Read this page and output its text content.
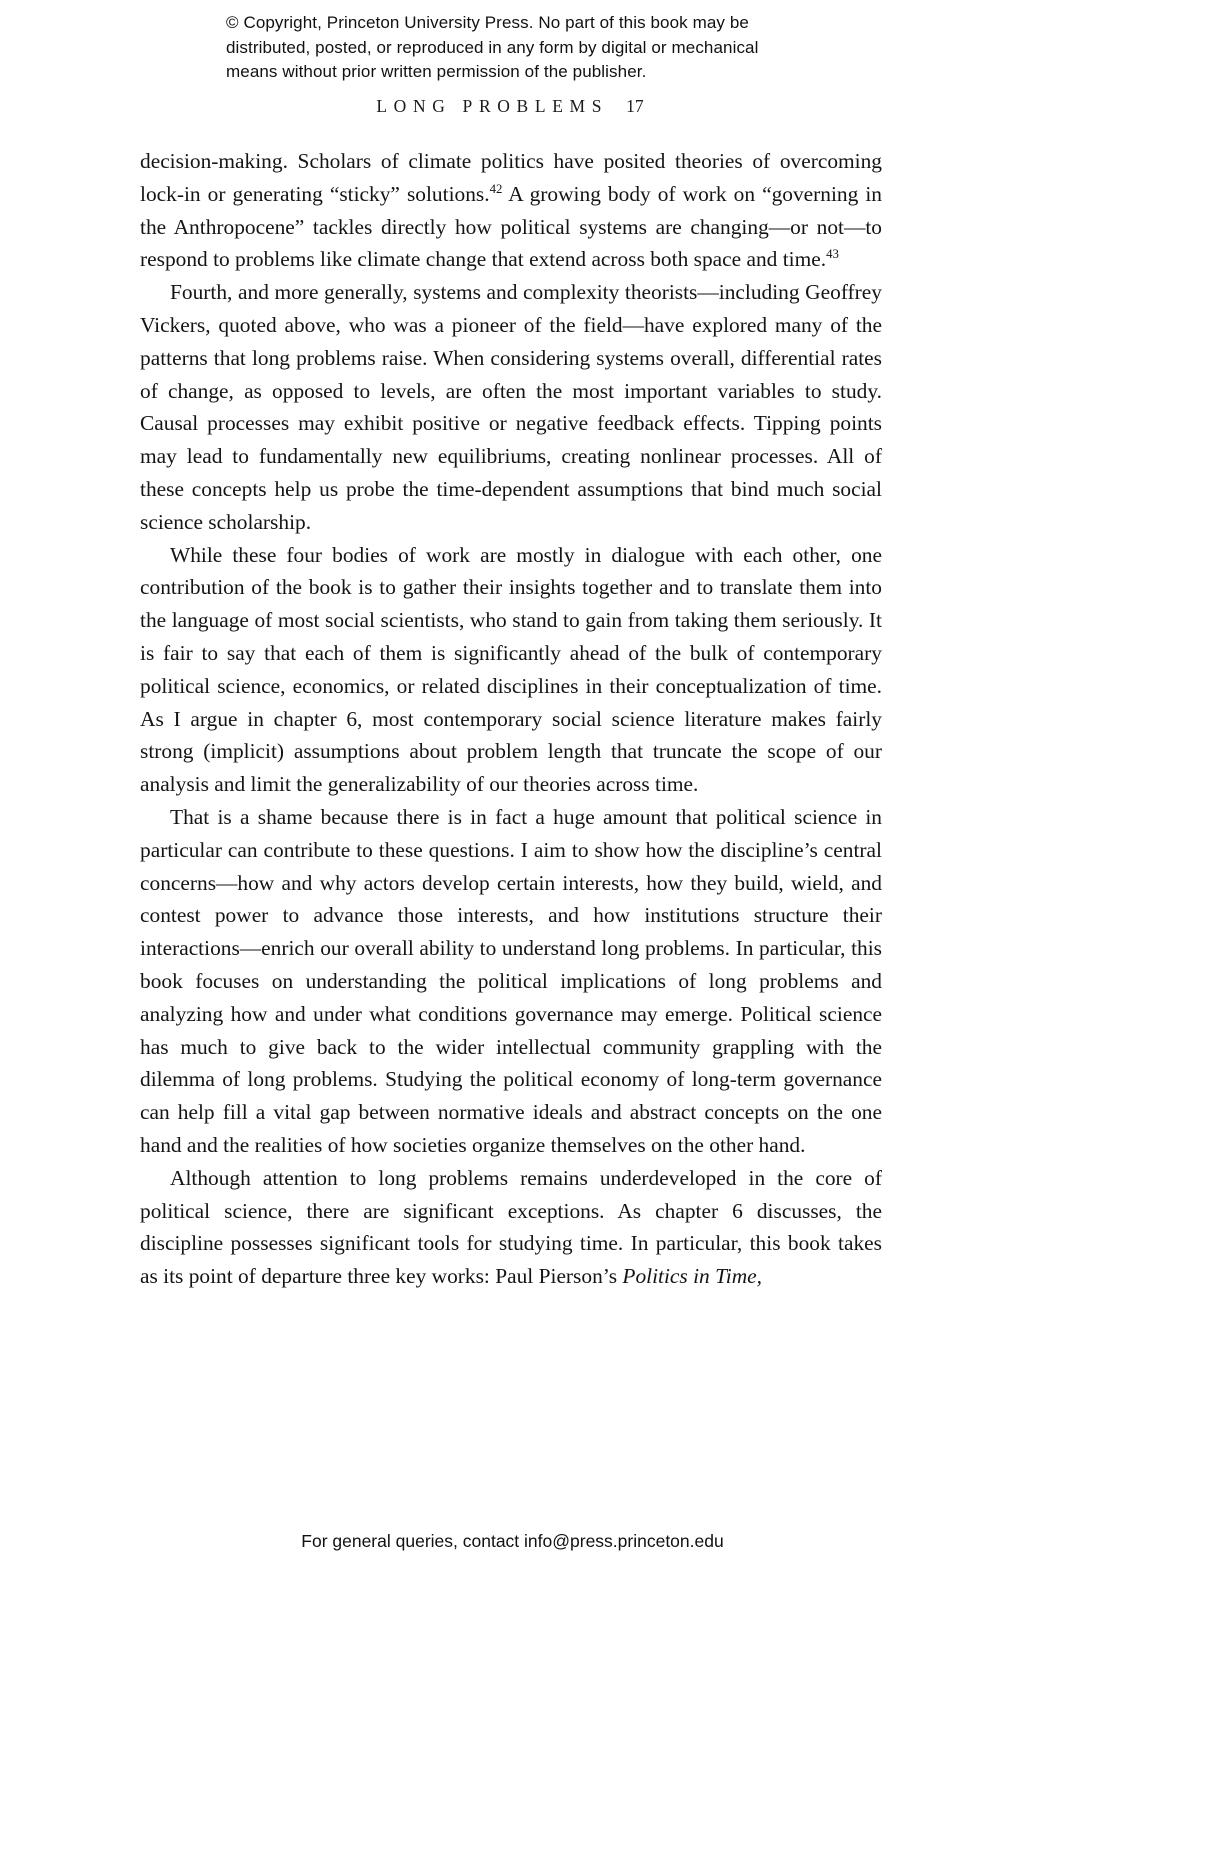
© Copyright, Princeton University Press. No part of this book may be
distributed, posted, or reproduced in any form by digital or mechanical
means without prior written permission of the publisher.
LONG PROBLEMS 17

decision-making. Scholars of climate politics have posited theories of overcoming lock-in or generating “sticky” solutions.$^{42}$ A growing body of work on “governing in the Anthropocene” tackles directly how political systems are changing—or not—to respond to problems like climate change that extend across both space and time.$^{43}$

Fourth, and more generally, systems and complexity theorists—including Geoffrey Vickers, quoted above, who was a pioneer of the field—have explored many of the patterns that long problems raise. When considering systems overall, differential rates of change, as opposed to levels, are often the most important variables to study. Causal processes may exhibit positive or negative feedback effects. Tipping points may lead to fundamentally new equilibriums, creating nonlinear processes. All of these concepts help us probe the time-dependent assumptions that bind much social science scholarship.

While these four bodies of work are mostly in dialogue with each other, one contribution of the book is to gather their insights together and to translate them into the language of most social scientists, who stand to gain from taking them seriously. It is fair to say that each of them is significantly ahead of the bulk of contemporary political science, economics, or related disciplines in their conceptualization of time. As I argue in chapter 6, most contemporary social science literature makes fairly strong (implicit) assumptions about problem length that truncate the scope of our analysis and limit the generalizability of our theories across time.

That is a shame because there is in fact a huge amount that political science in particular can contribute to these questions. I aim to show how the discipline’s central concerns—how and why actors develop certain interests, how they build, wield, and contest power to advance those interests, and how institutions structure their interactions—enrich our overall ability to understand long problems. In particular, this book focuses on understanding the political implications of long problems and analyzing how and under what conditions governance may emerge. Political science has much to give back to the wider intellectual community grappling with the dilemma of long problems. Studying the political economy of long-term governance can help fill a vital gap between normative ideals and abstract concepts on the one hand and the realities of how societies organize themselves on the other hand.

Although attention to long problems remains underdeveloped in the core of political science, there are significant exceptions. As chapter 6 discusses, the discipline possesses significant tools for studying time. In particular, this book takes as its point of departure three key works: Paul Pierson’s Politics in Time,

For general queries, contact info@press.princeton.edu
